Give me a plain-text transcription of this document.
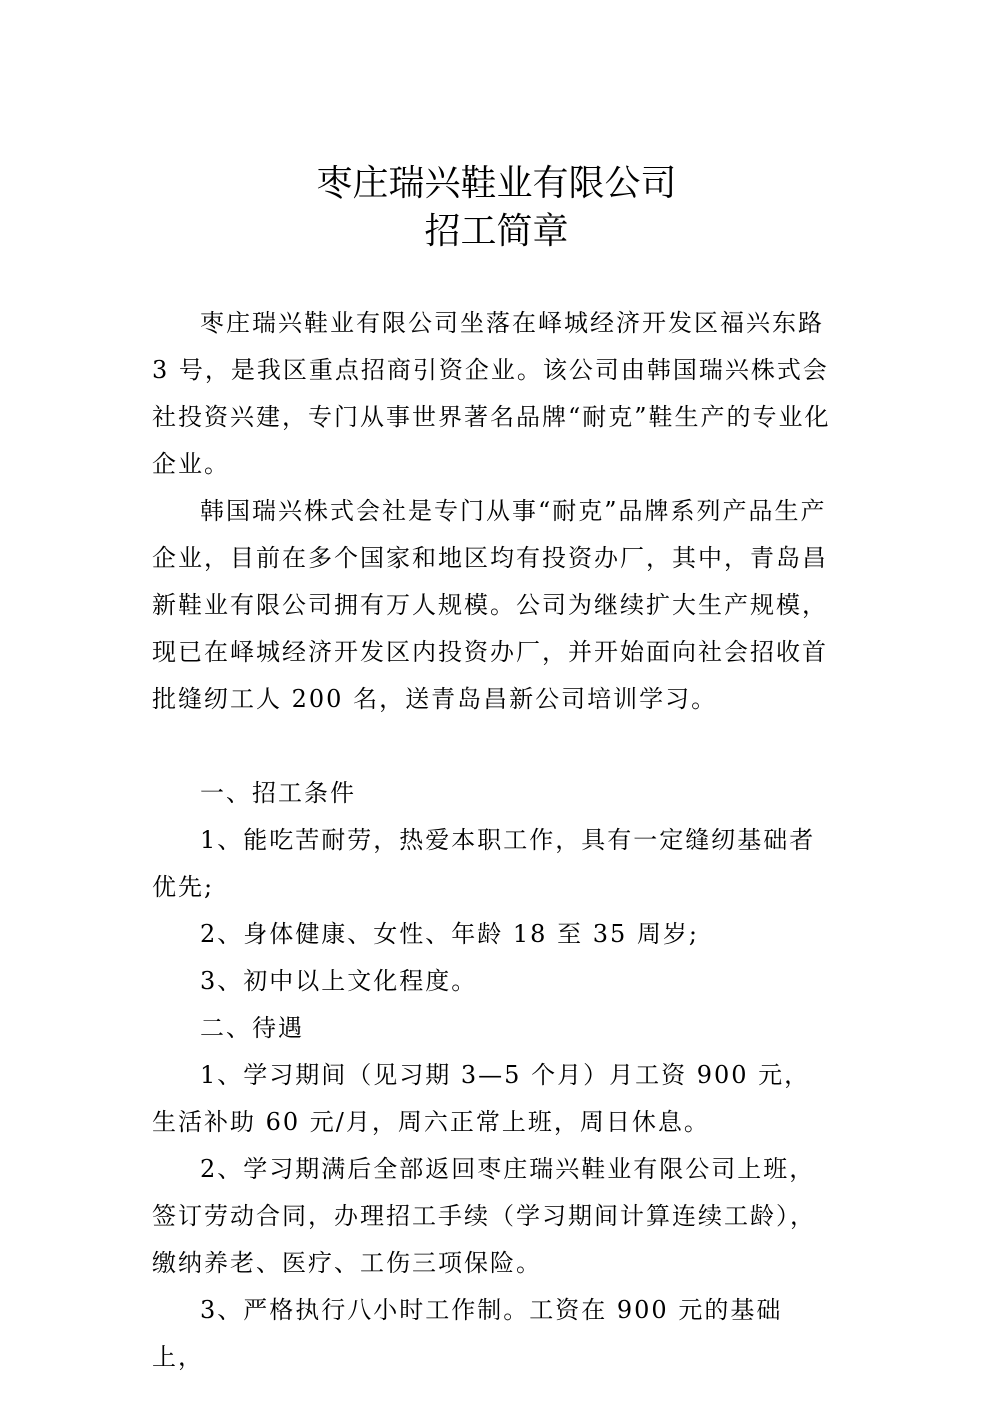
枣庄瑞兴鞋业有限公司
招工简章

枣庄瑞兴鞋业有限公司坐落在峄城经济开发区福兴东路 3 号，是我区重点招商引资企业。该公司由韩国瑞兴株式会社投资兴建，专门从事世界著名品牌“耐克”鞋生产的专业化企业。

韩国瑞兴株式会社是专门从事“耐克”品牌系列产品生产企业，目前在多个国家和地区均有投资办厂，其中，青岛昌新鞋业有限公司拥有万人规模。公司为继续扩大生产规模，现已在峄城经济开发区内投资办厂，并开始面向社会招收首批缝纫工人 200 名，送青岛昌新公司培训学习。

一、招工条件

1、能吃苦耐劳，热爱本职工作，具有一定缝纫基础者优先;

2、身体健康、女性、年龄 18 至 35 周岁;

3、初中以上文化程度。

二、待遇

1、学习期间（见习期 3—5 个月）月工资 900 元，生活补助 60 元/月，周六正常上班，周日休息。

2、学习期满后全部返回枣庄瑞兴鞋业有限公司上班，签订劳动合同，办理招工手续（学习期间计算连续工龄），缴纳养老、医疗、工伤三项保险。

3、严格执行八小时工作制。工资在 900 元的基础上，
